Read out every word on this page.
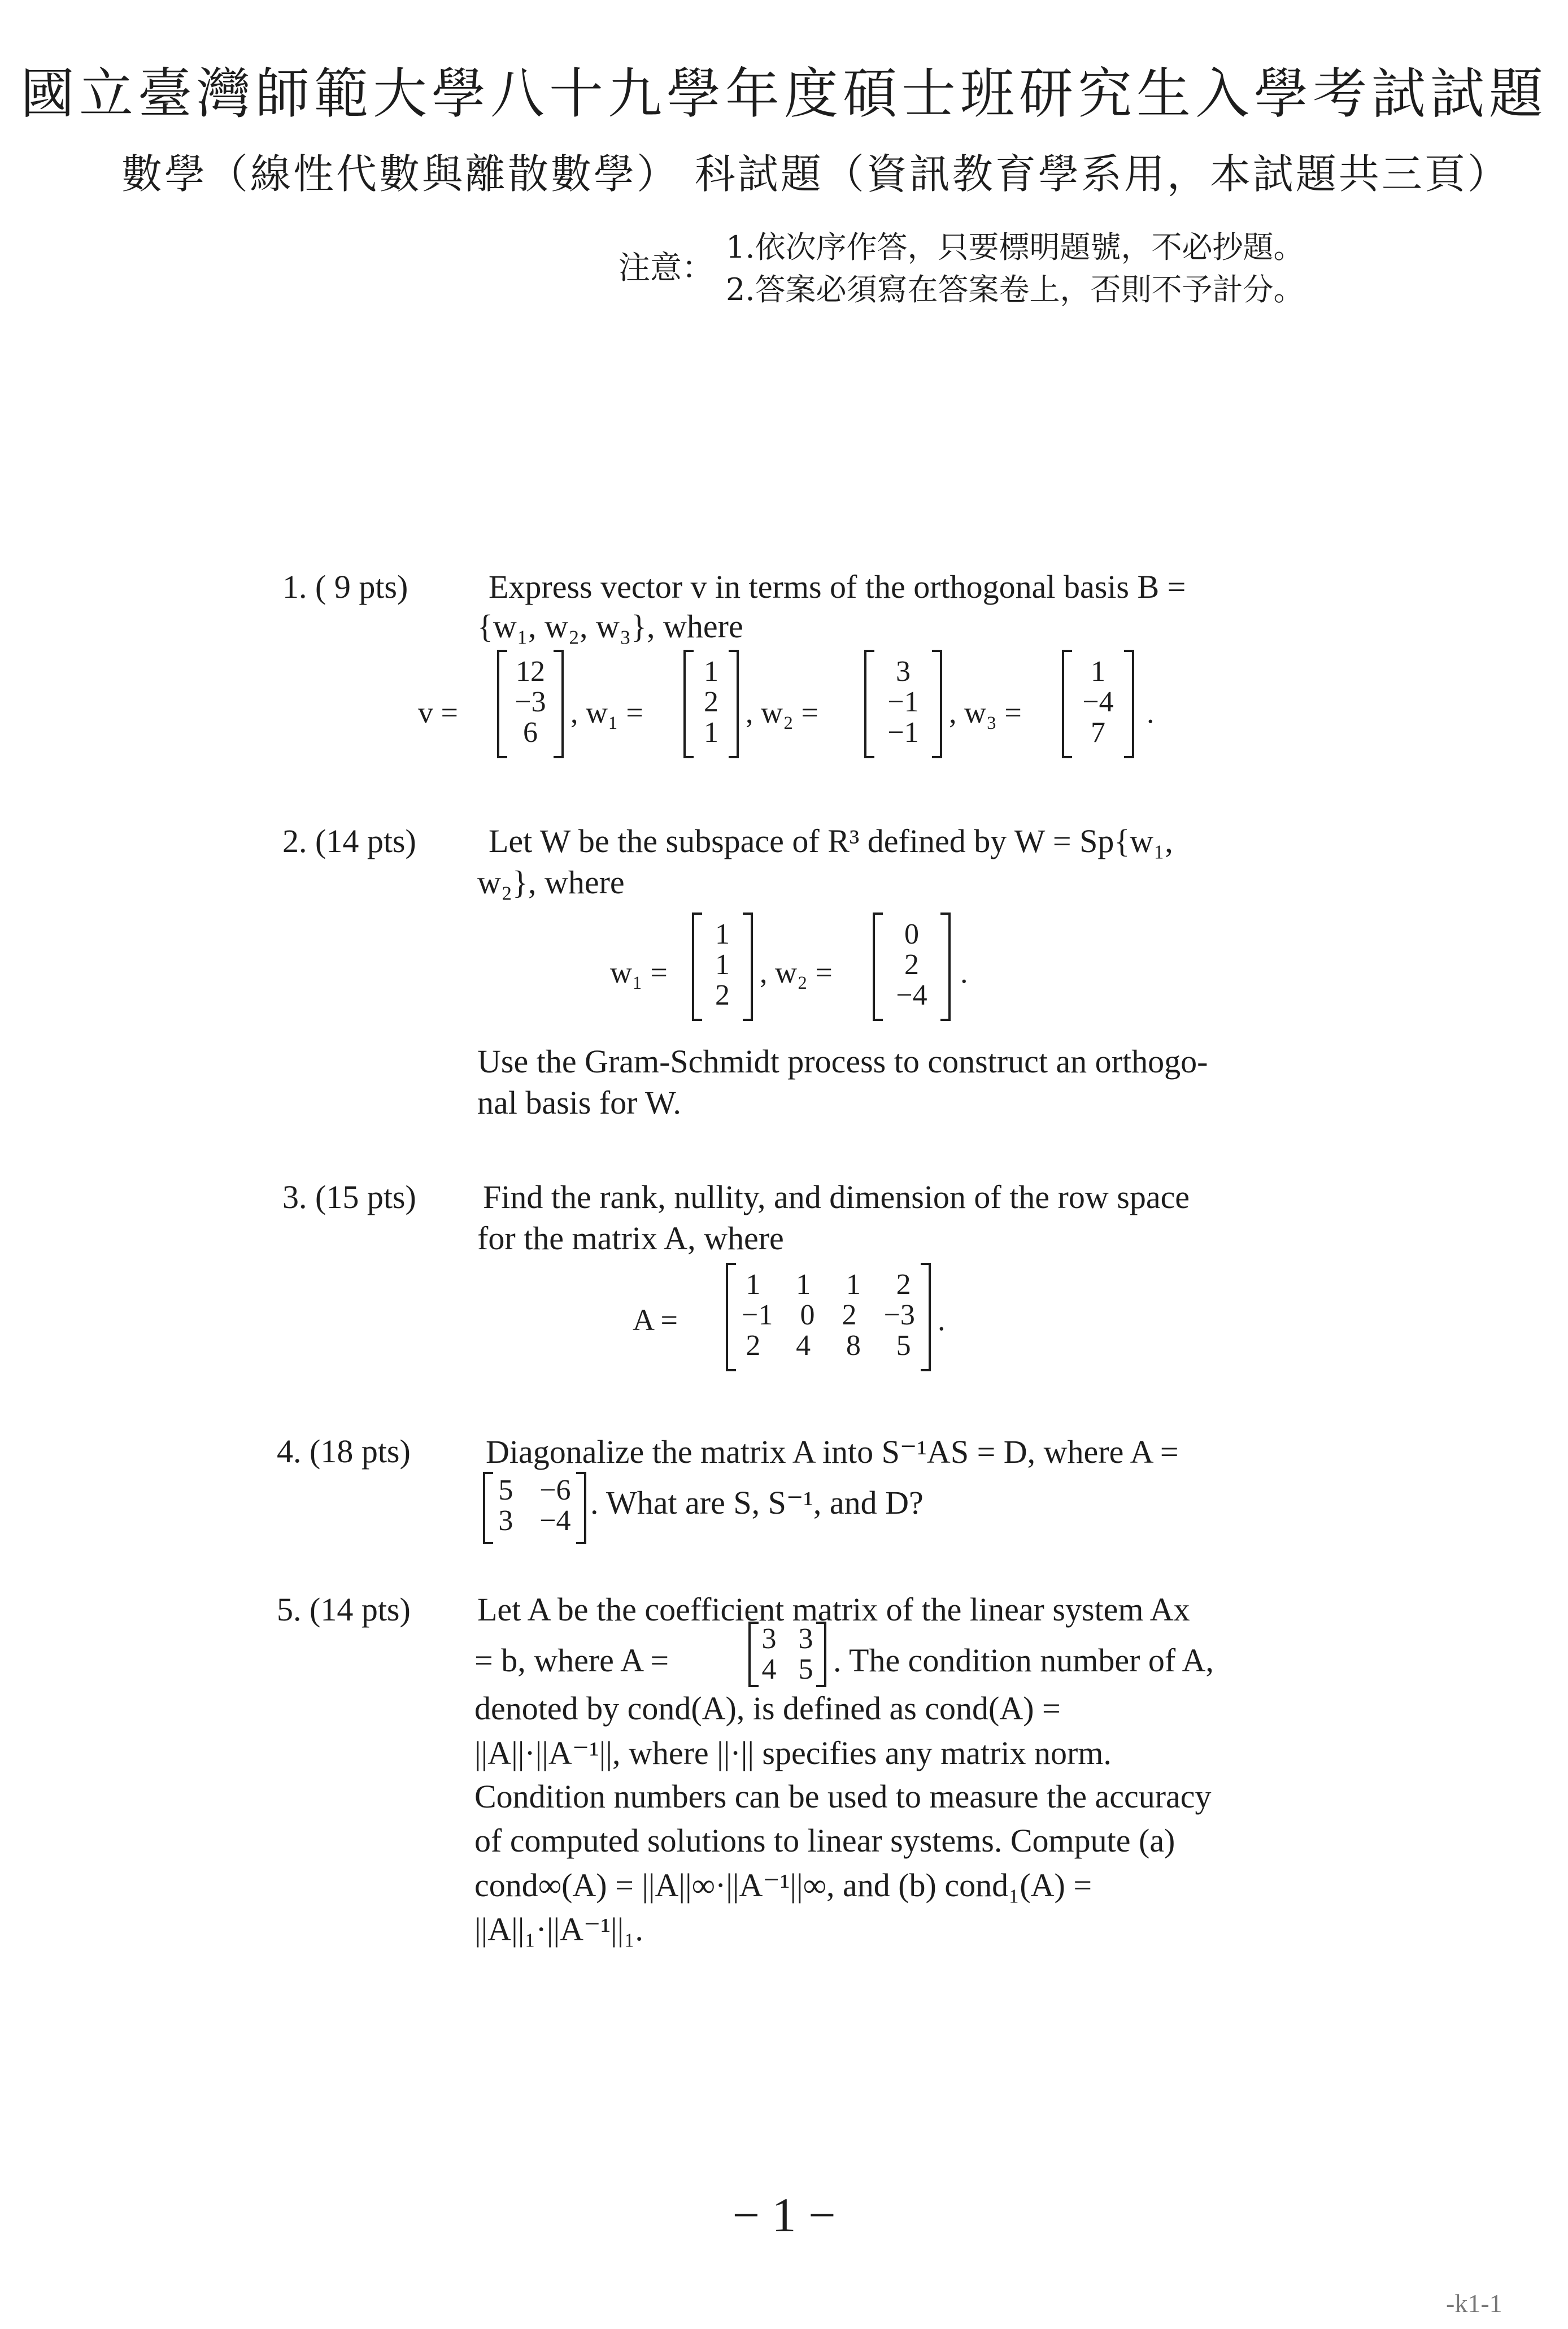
國立臺灣師範大學八十九學年度碩士班研究生入學考試試題
數學（線性代數與離散數學） 科試題（資訊教育學系用，本試題共三頁）
注意：
1.依次序作答，只要標明題號，不必抄題。
2.答案必須寫在答案卷上，否則不予計分。
1. ( 9 pts) Express vector v in terms of the orthogonal basis B =
{w₁, w₂, w₃}, where
v =
12
−3
6
, w₁ =
1
2
1
, w₂ =
3
−1
−1
, w₃ =
1
−4
7
.
2. (14 pts) Let W be the subspace of R³ defined by W = Sp{w₁,
w₂}, where
w₁ =
1
1
2
, w₂ =
0
2
−4
.
Use the Gram-Schmidt process to construct an orthogo-
nal basis for W.
3. (15 pts) Find the rank, nullity, and dimension of the row space
for the matrix A, where
A =
1 1 1 2
−1 0 2 −3
2 4 8 5
.
4. (18 pts) Diagonalize the matrix A into S⁻¹AS = D, where A =
5 −6
3 −4 . What are S, S⁻¹, and D?
5. (14 pts) Let A be the coefficient matrix of the linear system Ax
= b, where A =
3 3
4 5 . The condition number of A,
denoted by cond(A), is defined as cond(A) =
||A||·||A⁻¹||, where ||·|| specifies any matrix norm.
Condition numbers can be used to measure the accuracy
of computed solutions to linear systems. Compute (a)
cond∞(A) = ||A||∞·||A⁻¹||∞, and (b) cond₁(A) =
||A||₁·||A⁻¹||₁.
− 1 −
-k1-1
